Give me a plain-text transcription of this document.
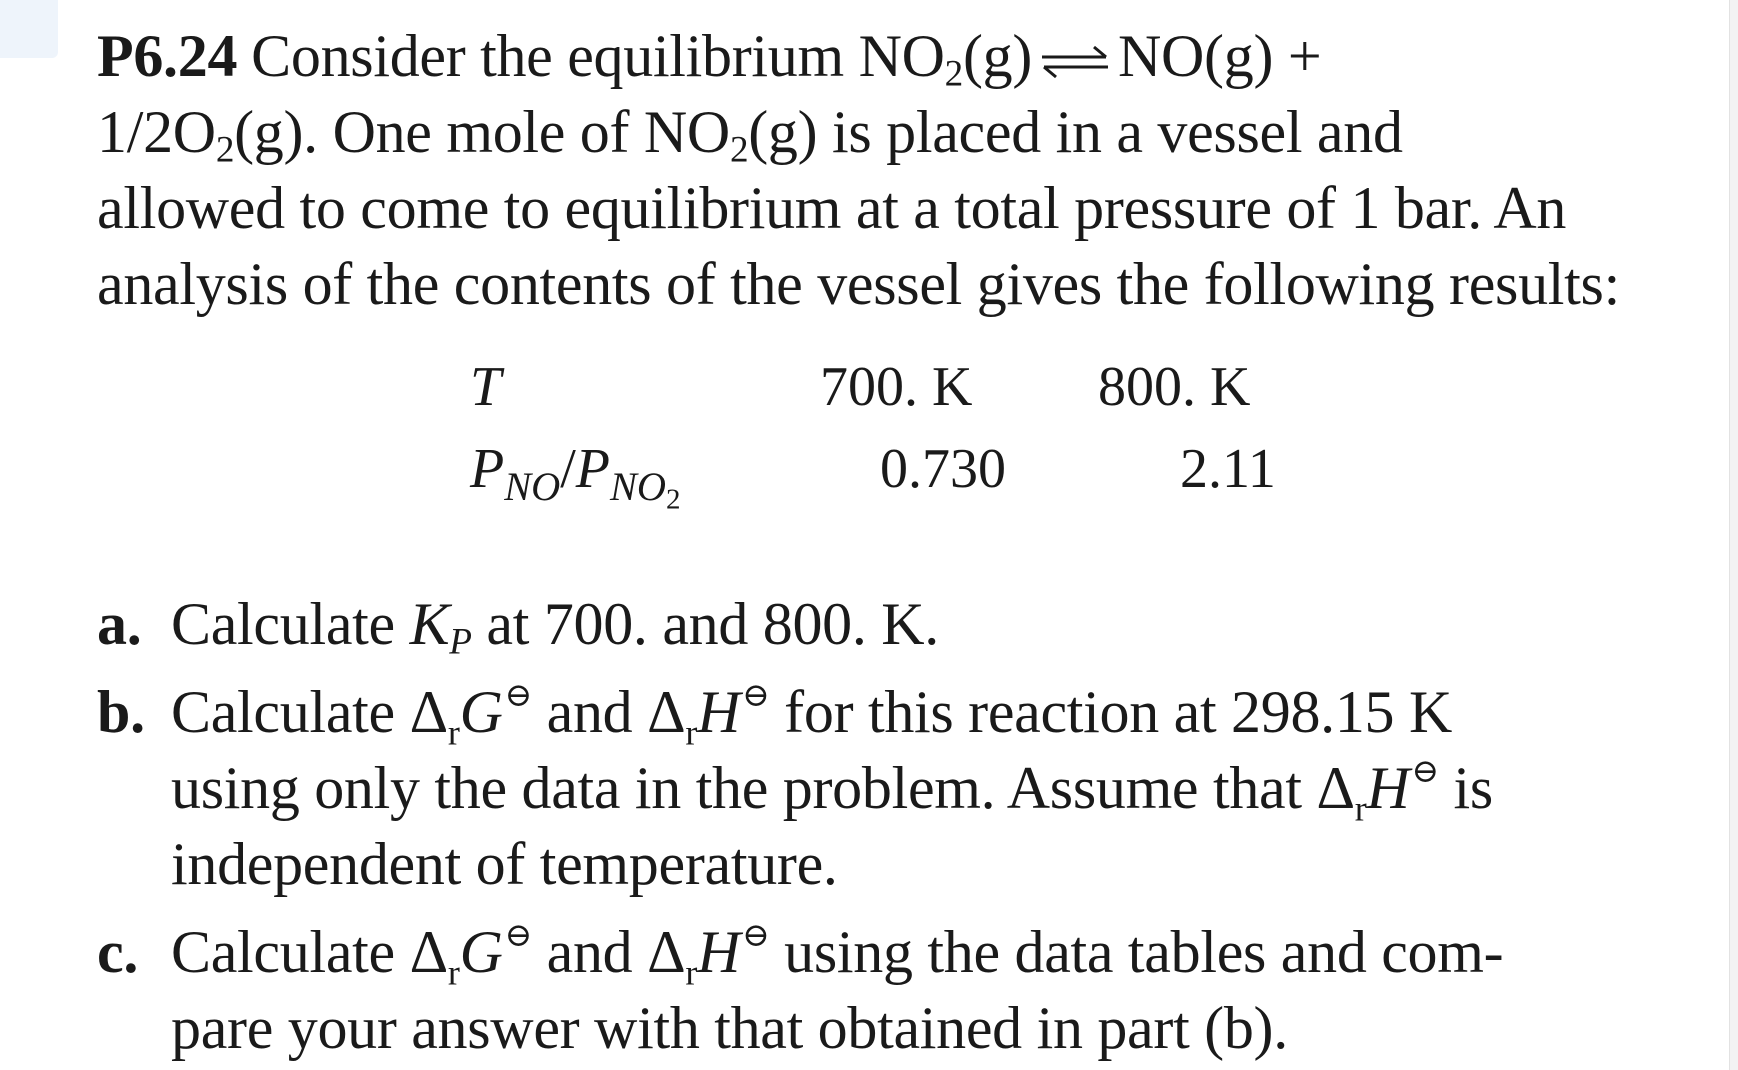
P6.24 Consider the equilibrium $NO_2(g)$ ⇌ NO(g) +
$1/2O_2(g)$. One mole of $NO_2(g)$ is placed in a vessel and
allowed to come to equilibrium at a total pressure of 1 bar. An
analysis of the contents of the vessel gives the following results:
T	700. K 800. K
$P_{NO}/P_{NO_2}$	0.730	2.11
a. Calculate $K_P$ at 700. and 800. K.
b. Calculate $\Delta_rG^⊖$ and $\Delta_rH^⊖$ for this reaction at 298.15 K
using only the data in the problem. Assume that $\Delta_rH^⊖$ is
independent of temperature.
c. Calculate $\Delta_rG^⊖$ and $\Delta_rH^⊖$ using the data tables and com-
pare your answer with that obtained in part (b).
